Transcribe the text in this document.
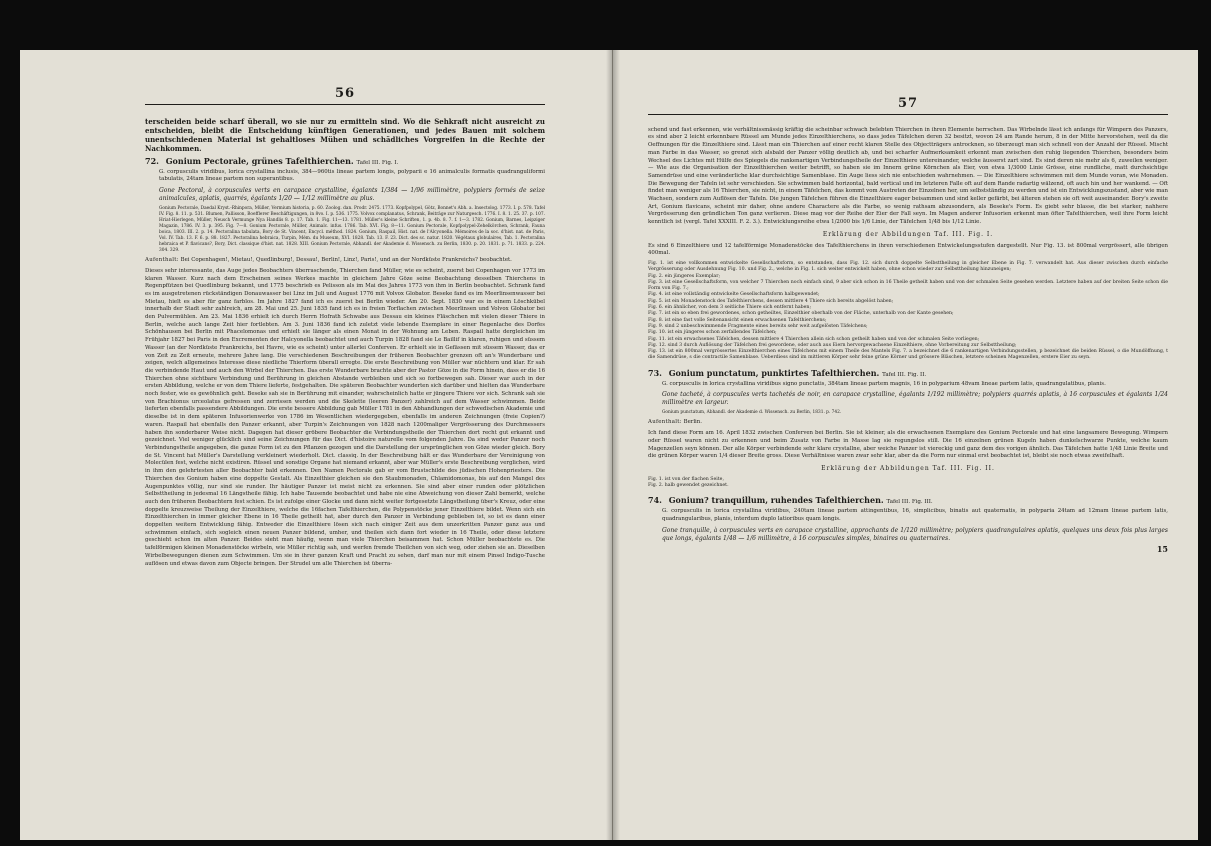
56

terscheiden beide scharf überall, wo sie nur zu ermitteln sind. Wo die Sehkraft nicht ausreicht zu entscheiden, bleibt die Entscheidung künftigen Generationen, und jedes Bauen mit solchem unentschiedenen Material ist gehaltloses Mühen und schädliches Vorgreifen in die Rechte der Nachkommen.

72. Gonium Pectorale, grünes Tafelthierchen. Tafel III. Fig. I.

G. corpusculis viridibus, lorica crystallina inclusis, 384—960tis lineae partem longis, polyparii e 16 animalculis formatis quadranguliformi tabulatis, 24tam lineae partem non superantibus.

Gone Pectoral, à corpuscules verts en carapace crystalline, égalants 1/384 — 1/96 millimètre, polypiers formés de seize animalcules, aplatis, quarrés, égalants 1/20 — 1/12 millimètre au plus.

Gonium Pectorale, Daedal Kryst.-Rhinpora, Müller, Vermium historia, p. 60. Zoolog. dan. Prodr. 2475. 1773. Kopfpolypel, Götz, Bonnet's Abh. a. Insectolog. 1773. I. p. 578. Tafel IV. Fig. 8. 11. p. 531. Blumen, Pallisson, Boefflerer Beschäftigungen, in 8vo. I. p. 536. 1775. Volvox complanatus, Schrank, Beiträge zur Naturgesch. 1776. I. 8. 1. 25. 37. p. 107. Hriat-Hierlegen, Müller, Neusch Vermunge Nya Handlis 8. p. 17. Tab. 1. Fig. 11—13. 1781. Müller's kleine Schriften, 1. p. 4b. 8. 7. f. 1—3. 1782. Gonium, Barnes, Leipziger Magazin, 1786. IV. 3. p. 395. Fig. 7—8. Gonium Pectorale, Müller, Animalc. infus. 1786. Tab. XVI. Fig. 8—11. Gonium Pectorale, Kopfpolypel-Zehelkörchen, Schrank, Fauna boica, 1803. III. 2. p. 14. Pectoralina tabulata, Bory de St. Vincent, Encycl. méthod. 1824. Gonium, Raspail, Hist. nat. de l'Alcyonella. Mémoires de la soc. d'hist. nat. de Paris, Vol. IV. Tab. 13. F. 6. p. 88. 1827. Pectoralina hebraica, Turpin, Mém. du Museum, XVI. 1828. Tab. 13. F. 23. Dict. des sc. natur. 1820. Végétaux globulaires, Tab. 1. Pectoralina hebraica et P. flavicans?, Bory, Dict. classique d'hist. nat. 1828. XIII. Gonium Pectorale, Abhandl. der Akademie d. Wissensch. zu Berlin, 1830. p. 20. 1831. p. 71. 1833. p. 224. 304. 329.

Aufenthalt: Bei Copenhagen!, Mietau!, Quedlinburg!, Dessau!, Berlin!, Linz!, Paris!, und an der Nordküste Frankreichs? beobachtet.

Dieses sehr interessante, das Auge jedes Beobachters überraschende, Thierchen fand Müller, wie es scheint, zuerst bei Copenhagen vor 1773 im klaren Wasser. Kurz nach dem Erscheinen seines Werkes machte in gleichem Jahre Göze seine Beobachtung desselben Thierchens in Regenpfützen bei Quedlinburg bekannt, und 1775 beschrieb es Pelisson als im Mai des Jahres 1773 von ihm in Berlin beobachtet. Schrank fand es im ausgetretenen rückständigen Donauwasser bei Linz im Juli und August 1776 mit Volvox Globator. Beseke fand es im Meerlinsenwasser bei Mietau, hielt es aber für ganz farblos. Im Jahre 1827 fand ich es zuerst bei Berlin wieder. Am 20. Sept. 1830 war es in einem Löschkübel innerhalb der Stadt sehr zahlreich, am 28. Mai und 25. Juni 1835 fand ich es in freien Torflachen zwischen Meerlinsen und Volvox Globator bei den Pulvermühlen. Am 23. Mai 1836 erhielt ich durch Herrn Hofrath Schwabe aus Dessau ein kleines Fläschchen mit vielen dieser Thiere in Berlin, welche auch lange Zeit hier fortlebten. Am 3. Juni 1836 fand ich zuletzt viele lebende Exemplare in einer Regenlache des Dorfes Schönhausen bei Berlin mit Phacelomonas und erhielt sie länger als einen Monat in der Wohnung am Leben. Raspail hatte dergleichen im Frühjahr 1827 bei Paris in den Excrementen der Halcyonella beobachtet und auch Turpin 1828 fand sie Le Baillif in klaren, ruhigen und süssem Wasser (an der Nordküste Frankreichs, bei Havre, wie es scheint) unter allerlei Conferven. Er erhielt sie in Gefässen mit süssem Wasser, das er von Zeit zu Zeit erneute, mehrere Jahre lang. Die verschiedenen Beschreibungen der früheren Beobachter grenzen oft an's Wunderbare und zeigen, welch allgemeines Interesse diese niedliche Thierform überall erregte. Die erste Beschreibung von Müller war nüchtern und klar. Er sah die verbindende Haut und auch den Wirbel der Thierchen. Das erste Wunderbare brachte aber der Pastor Göze in die Form hinein, dass er die 16 Thierchen ohne sichtbare Verbindung und Berührung in gleichen Abstande verbleiben und sich so fortbewegen sah. Dieser war auch in der ersten Abbildung, welche er von dem Thiere lieferte, festgehalten. Die späteren Beobachter wunderten sich darüber und hielten das Wunderbare noch fester, wie es gewöhnlich geht. Beseke sah sie in Berührung mit einander, wahrscheinlich hatte er jüngere Thiere vor sich. Schrank sah sie von Brachionus urceolatus gefressen und zerrissen werden und die Skelette (leeren Panzer) zahlreich auf dem Wasser schwimmen. Beide lieferten ebenfalls passendere Abbildungen. Die erste bessere Abbildung gab Müller 1781 in den Abhandlungen der schwedischen Akademie und dieselbe ist in dem späteren Infusorienwerke von 1786 im Wesentlichen wiedergegeben, ebenfalls im anderen Zeichnungen (freie Copien?) waren. Raspail hat ebenfalls den Panzer erkannt, aber Turpin's Zeichnungen von 1828 nach 1200maliger Vergrösserung des Durchmessers haben ihn sonderbarer Weise nicht. Dagegen hat dieser gröbere Beobachter die Verbindungstheile der Thierchen dort recht gut erkannt und gezeichnet. Viel weniger glücklich sind seine Zeichnungen für das Dict. d'histoire naturelle vom folgenden Jahre. Da sind weder Panzer noch Verbindungstheile angegeben, die ganze Form ist zu den Pflanzen gezogen und die Darstellung der ursprünglichen von Göze wieder gleich. Bory de St. Vincent hat Müller's Darstellung verkleinert wiederholt. Dict. classiq. In der Beschreibung hält er das Wunderbare der Vereinigung von Molecülen fest, welche nicht existiren. Rüssel und sonstige Organe hat niemand erkannt, aber war Müller's erste Beschreibung verglichen, wird in ihm den gelehrtesten aller Beobachter bald erkennen. Den Namen Pectorale gab er vom Brustschilde des jüdischen Hohenpriesters. Die Thierchen des Gonium haben eine doppelte Gestalt. Als Einzelthier gleichen sie den Staubmonaden, Chlamidomonas, bis auf den Mangel des Augenpunktes völlig, nur sind sie runder. Ihr häutiger Panzer ist meist nicht zu erkennen. Sie sind aber einer runden oder plötzlichen Selbsttheilung in jedesmal 16 Längstheile fähig. Ich habe Tausende beobachtet und habe nie eine Abweichung von dieser Zahl bemerkt, welche auch den früheren Beobachtern fest schien. Es ist zufolge einer Glocke und dann nicht weiter fortgesetzte Längstheilung über's Kreuz, oder eine doppelte kreuzweise Theilung der Einzelthiere, welche die 16fachen Tafelthierchen, die Polypenstöcke jener Einzelthiere bildet. Wenn sich ein Einzelthierchen in immer gleicher Ebene in 16 Theile getheilt hat, aber durch den Panzer in Verbindung geblieben ist, so ist es dann einer doppelten weitern Entwicklung fähig. Entweder die Einzelthiere lösen sich nach einiger Zeit aus dem unzerkritten Panzer ganz aus und schwimmen einfach, sich sogleich einen neuen Panzer bildend, umher, und theilen sich dann fort wieder in 16 Theile, oder diese letztere geschieht schon im alten Panzer. Beides sieht man häufig, wenn man viele Thierchen beisammen hat. Schon Müller beobachtete es. Die tafelförmigen kleinen Monadenstöcke wirbeln, wie Müller richtig sah, und werfen fremde Theilchen von sich weg, oder ziehen sie an. Dieselben Wirbelbewegungen dienen zum Schwimmen. Um sie in ihrer ganzen Kraft und Pracht zu sehen, darf man nur mit einem Pinsel Indigo-Tusche auflösen und etwas davon zum Objecte bringen. Der Strudel um alle Thierchen ist überra-

57

schend und fast erkennen, wie verhältnissmässig kräftig die scheinbar schwach belebten Thierchen in ihren Elemente herrschen. Das Wirbelnde lässt ich anfangs für Wimpern des Panzers, es sind aber 2 leicht erkennbare Rüssel am Munde jedes Einzelthierchens, so dass jedes Täfelchen deren 32 besitzt, wovon 24 am Rande herum, 8 in der Mitte hervorstehen, weil da die Oeffnungen für die Einzelthiere sind. Lässt man ein Thierchen auf einer recht klaren Stelle des Objectträgers antrocknen, so überzeugt man sich schnell von der Anzahl der Rüssel. Mischt man Farbe in das Wasser, so grenzt sich alsbald der Panzer völlig deutlich ab, und bei scharfer Aufmerksamkeit erkennt man zwischen den ruhig liegenden Thierchen, besonders beim Wechsel des Lichtes mit Hülfe des Spiegels die rankenartigen Verbindungstheile der Einzelthiere untereinander, welche äusserst zart sind. Es sind deren nie mehr als 6, zuweilen weniger. — Wie aus die Organisation der Einzelthierchen weiter betrifft, so haben sie im Innern grüne Körnchen als Eier, von etwa 1/3000 Linie Grösse, eine rundliche, matt durchsichtige Samendrüse und eine veränderliche klar durchsichtige Samenblase. Ein Auge liess sich nie entschieden wahrnehmen. — Die Einzelthiere schwimmen mit dem Munde voran, wie Monaden. Die Bewegung der Tafeln ist sehr verschieden. Sie schwimmen bald horizontal, bald vertical und im letzteren Falle oft auf dem Rande radartig wälzend, oft auch hin und her wankend. — Oft findet man weniger als 16 Thierchen, sie nicht, in einem Täfelchen, das kommt vom Austreten der Einzelnen her, um selbstständig zu werden und ist ein Entwicklungszustand, aber wie man Wachsen, sondern zum Auflösen der Tafeln. Die jungen Täfelchen führen die Einzelthiere eager beisammen und sind keller gefärbt, bei älteren stehen sie oft weit auseinander. Bory's zweite Art, Gonium flavicans, scheint mir daher, ohne andere Charactere als die Farbe, so wenig rathsam abzusondern, als Beseke's Form. Es giebt sehr blasse, die bei starker, nahhere Vergrösserung den gründlichen Ton ganz verlieren. Diese mag vor der Reihe der Eier der Fall seyn. Im Magen anderer Infusorien erkennt man öfter Tafelthierchen, weil ihre Form leicht kenntlich ist (vergl. Tafel XXXIII. F. 2. 3.). Entwicklungsreihe etwa 1/2000 bis 1/6 Linie, der Täfelchen 1/48 bis 1/12 Linie.

Erklärung der Abbildungen Taf. III. Fig. I.

Es sind 6 Einzelthiere und 12 tafelförmige Monadenstöcke des Tafelthierchens in ihren verschiedenen Entwickelungsstufen dargestellt. Nur Fig. 13. ist 800mal vergrössert, alle übrigen 400mal.

Fig. 1. ist eine vollkommen entwickelte Gesellschaftsform, so entstanden, dass Fig. 12. sich durch doppelte Selbsttheilung in gleicher Ebene in Fig. 7. verwandelt hat. Aus dieser zwischen durch einfache Vergrösserung oder Ausdehnung Fig. 10. und Fig. 2., welche in Fig. 1. sich weiter entwickelt haben, ohne schon wieder zur Selbsttheilung hinzuneigen;
Fig. 2. ein jüngeres Exemplar;
Fig. 3. ist eine Gesellschaftsform, von welcher 7 Thierchen noch einfach sind, 9 aber sich schon in 16 Theile getheilt haben und von der schmalen Seite gesehen werden. Letztere haben auf der breiten Seite schon die Form von Fig. 7.;
Fig. 4. ist eine vollständig entwickelte Gesellschaftsform halbgewendet;
Fig. 5. ist ein Monadenstock des Tafelthierchens, dessen mittlere 4 Thiere sich bereits abgelöst haben;
Fig. 6. ein ähnlicher, von dem 3 seitliche Thiere sich entfernt haben;
Fig. 7. ist ein so eben frei gewordenes, schon getheiltes, Einzelthier oberhalb von der Fläche, unterhalb von der Kante gesehen;
Fig. 8. ist eine fast volle Seitenansicht einen erwachsenen Tafelthierchens;
Fig. 9. sind 2 unbeschwimmende Fragmente eines bereits sehr weit aufgelösten Täfelchens;
Fig. 10. ist ein jüngeres schon zerfallendes Täfelchen;
Fig. 11. ist ein erwachsenes Täfelchen, dessen mittlere 4 Thierchen allein sich schon getheilt haben und von der schmalen Seite vorliegen;
Fig. 12. sind 3 durch Auflösung der Täfelchen frei gewordene, oder auch aus Eiern hervorgewachsene Einzelthiere, ohne Vorbereitung zur Selbsttheilung;
Fig. 13. ist ein 800mal vergrössertes Einzelthierchen eines Täfelchens mit einem Theile des Mantels Fig. 7. a bezeichnet die 6 rankenartigen Verbindungsstellen, p bezeichnet die beiden Rüssel, o die Mundöffnung, t die Samendrüse, s die contractile Samenblase. Ueberdiess sind im mittleren Körper sehr feine grüne Körner und grössere Bläschen, letztere scheinen Magenzellen, erstere Eier zu seyn.
73. Gonium punctatum, punktirtes Tafelthierchen. Tafel III. Fig. II.

G. corpusculis in lorica crystallina viridibus signo punctatis, 384tam lineae partem magnis, 16 in polyparium 48vam lineae partem latis, quadrangulatibus, planis.

Gone tacheté, à corpuscules verts tachetés de noir, en carapace crystalline, égalants 1/192 millimètre; polypiers quarrés aplatis, à 16 corpuscules et égalants 1/24 millimètre en largeur.

Gonium punctatum, Abhandl. der Akademie d. Wissensch. zu Berlin, 1831. p. 742.

Aufenthalt: Berlin.

Ich fand diese Form am 16. April 1832 zwischen Conferven bei Berlin. Sie ist kleiner, als die erwachsenen Exemplare des Gonium Pectorale und hat eine langsamere Bewegung. Wimpern oder Rüssel waren nicht zu erkennen und beim Zusatz von Farbe in Masse lag sie regungslos still. Die 16 einzelnen grünen Kugeln haben dunkelschwarze Punkte, welche kaum Magenzellen seyn können. Der alle Körper verbindende sehr klare crystallne, aber weiche Panzer ist viereckig und ganz dem des vorigen ähnlich. Das Täfelchen hatte 1/48 Linie Breite und die grünen Körper waren 1/4 dieser Breite gross. Diese Verhältnisse waren zwar sehr klar, aber da die Form nur einmal erst beobachtet ist, bleibt sie noch etwas zweifelhaft.

Erklärung der Abbildungen Taf. III. Fig. II.
Fig. 1. ist von der flachen Seite,
Fig. 2. halb gewendet gezeichnet.
74. Gonium? tranquillum, ruhendes Tafelthierchen. Tafel III. Fig. III.

G. corpusculis in lorica crystallina viridibus, 240tam lineae partem attingentibus, 16, simplicibus, binatis aut quaternatis, in polyparia 24tam ad 12mam lineae partem latis, quadrangularibus, planis, interdum duplo latioribus quam longis.

Gone tranquille, à corpuscules verts en carapace crystalline, approchants de 1/120 millimètre; polypiers quadrangulaires aplatis, quelques uns deux fois plus larges que longs, égalants 1/48 — 1/6 millimètre, à 16 corpuscules simples, binaires ou quaternaires.

15
